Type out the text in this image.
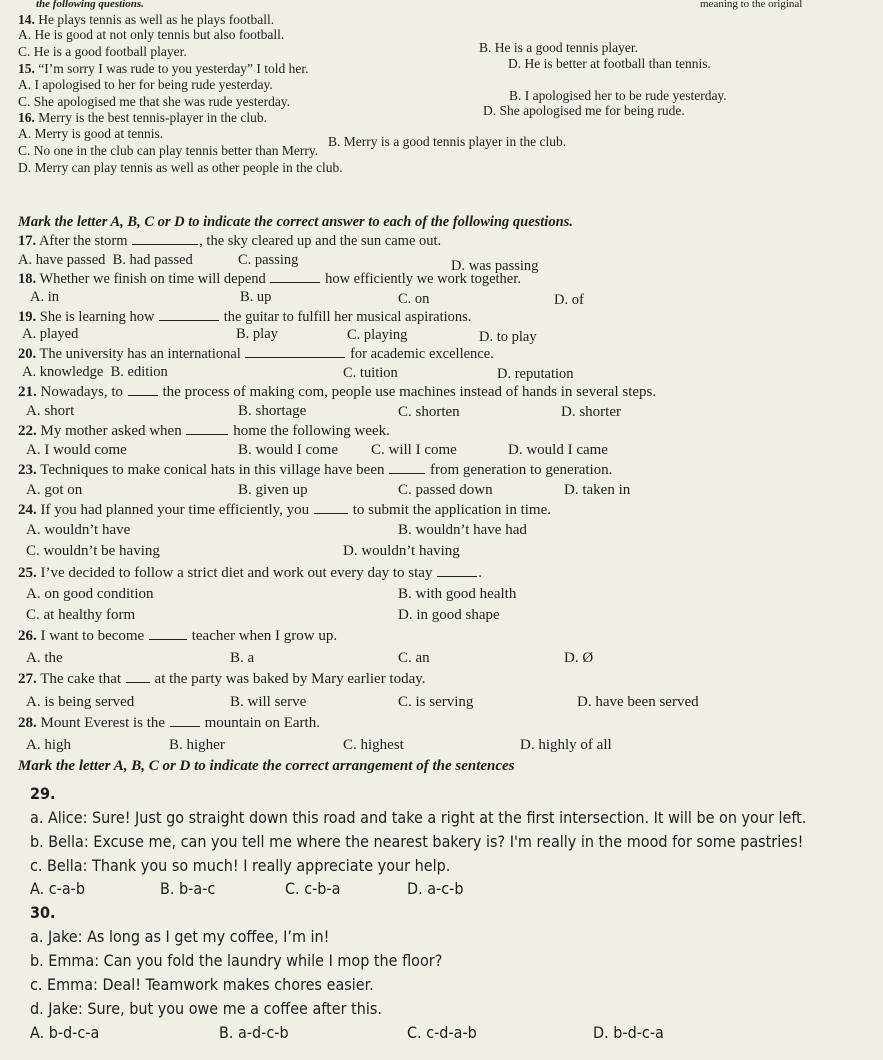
the following questions.	meaning to the original
14. He plays tennis as well as he plays football.
A. He is good at not only tennis but also football.
B. He is a good tennis player.
C. He is a good football player.
D. He is better at football than tennis.
15. “I’m sorry I was rude to you yesterday” I told her.
A. I apologised to her for being rude yesterday.
B. I apologised her to be rude yesterday.
C. She apologised me that she was rude yesterday.
D. She apologised me for being rude.
16. Merry is the best tennis-player in the club.
A. Merry is good at tennis.
B. Merry is a good tennis player in the club.
C. No one in the club can play tennis better than Merry.
D. Merry can play tennis as well as other people in the club.
Mark the letter A, B, C or D to indicate the correct answer to each of the following questions.
17. After the storm	, the sky cleared up and the sun came out.
A. have passed B. had passed	C. passing	D. was passing
18. Whether we finish on time will depend	how efficiently we work together.
A. in	B. up	C. on	D. of
19. She is learning how	the guitar to fulfill her musical aspirations.
A. played	B. play	C. playing	D. to play
20. The university has an international	for academic excellence.
A. knowledge B. edition	C. tuition	D. reputation
21. Nowadays, to	the process of making com, people use machines instead of hands in several steps.
A. short	B. shortage	C. shorten	D. shorter
22. My mother asked when	home the following week.
A. I would come	B. would I come C. will I come	D. would I came
23. Techniques to make conical hats in this village have been	from generation to generation.
A. got on	B. given up	C. passed down	D. taken in
24. If you had planned your time efficiently, you	to submit the application in time.
A. wouldn’t have	B. wouldn’t have had
C. wouldn’t be having	D. wouldn’t having
25. I’ve decided to follow a strict diet and work out every day to stay	.
A. on good condition	B. with good health
C. at healthy form	D. in good shape
26. I want to become	teacher when I grow up.
A. the	B. a	C. an	D. Ø
27. The cake that at the party was baked by Mary earlier today.
A. is being served	B. will serve	C. is serving	D. have been served
28. Mount Everest is the	mountain on Earth.
A. high	B. higher	C. highest	D. highly of all
Mark the letter A, B, C or D to indicate the correct arrangement of the sentences
29.
a. Alice: Sure! Just go straight down this road and take a right at the first intersection. It will be on your left.
b. Bella: Excuse me, can you tell me where the nearest bakery is? I'm really in the mood for some pastries!
c. Bella: Thank you so much! I really appreciate your help.
A. c-a-b	B. b-a-c	C. c-b-a	D. a-c-b
30.
a. Jake: As long as I get my coffee, I’m in!
b. Emma: Can you fold the laundry while I mop the floor?
c. Emma: Deal! Teamwork makes chores easier.
d. Jake: Sure, but you owe me a coffee after this.
A. b-d-c-a	B. a-d-c-b	C. c-d-a-b	D. b-d-c-a
